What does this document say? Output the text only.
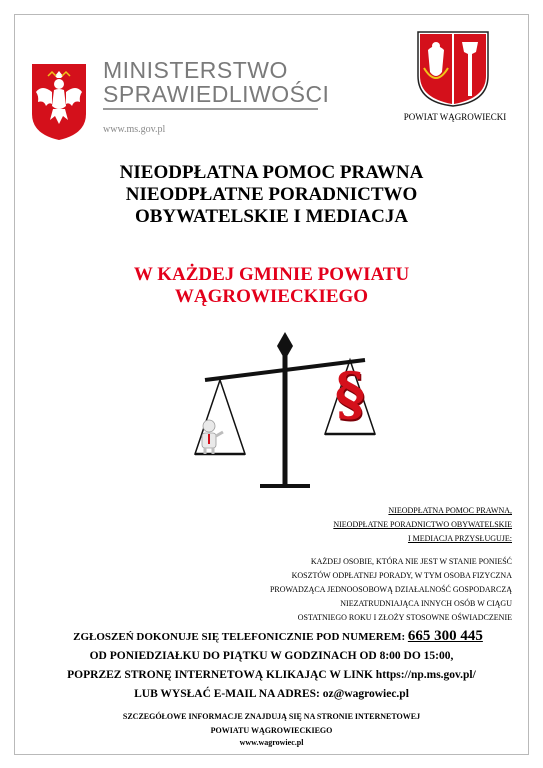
MINISTERSTWO
SPRAWIEDLIWOŚCI
www.ms.gov.pl
POWIAT WĄGROWIECKI
NIEODPŁATNA POMOC PRAWNA
NIEODPŁATNE PORADNICTWO
OBYWATELSKIE I MEDIACJA
W KAŻDEJ GMINIE POWIATU
WĄGROWIECKIEGO
§
NIEODPŁATNA POMOC PRAWNA,
NIEODPŁATNE PORADNICTWO OBYWATELSKIE
I MEDIACJA PRZYSŁUGUJE:
KAŻDEJ OSOBIE, KTÓRA NIE JEST W STANIE PONIEŚĆ
KOSZTÓW ODPŁATNEJ PORADY, W TYM OSOBA FIZYCZNA
PROWADZĄCA JEDNOOSOBOWĄ DZIAŁALNOŚĆ GOSPODARCZĄ
NIEZATRUDNIAJĄCA INNYCH OSÓB W CIĄGU
OSTATNIEGO ROKU I ZŁOŻY STOSOWNE OŚWIADCZENIE
ZGŁOSZEŃ DOKONUJE SIĘ TELEFONICZNIE POD NUMEREM: 665 300 445
OD PONIEDZIAŁKU DO PIĄTKU W GODZINACH OD 8:00 DO 15:00,
POPRZEZ STRONĘ INTERNETOWĄ KLIKAJĄC W LINK https://np.ms.gov.pl/
LUB WYSŁAĆ E-MAIL NA ADRES: oz@wagrowiec.pl
SZCZEGÓŁOWE INFORMACJE ZNAJDUJĄ SIĘ NA STRONIE INTERNETOWEJ
POWIATU WĄGROWIECKIEGO
www.wagrowiec.pl
